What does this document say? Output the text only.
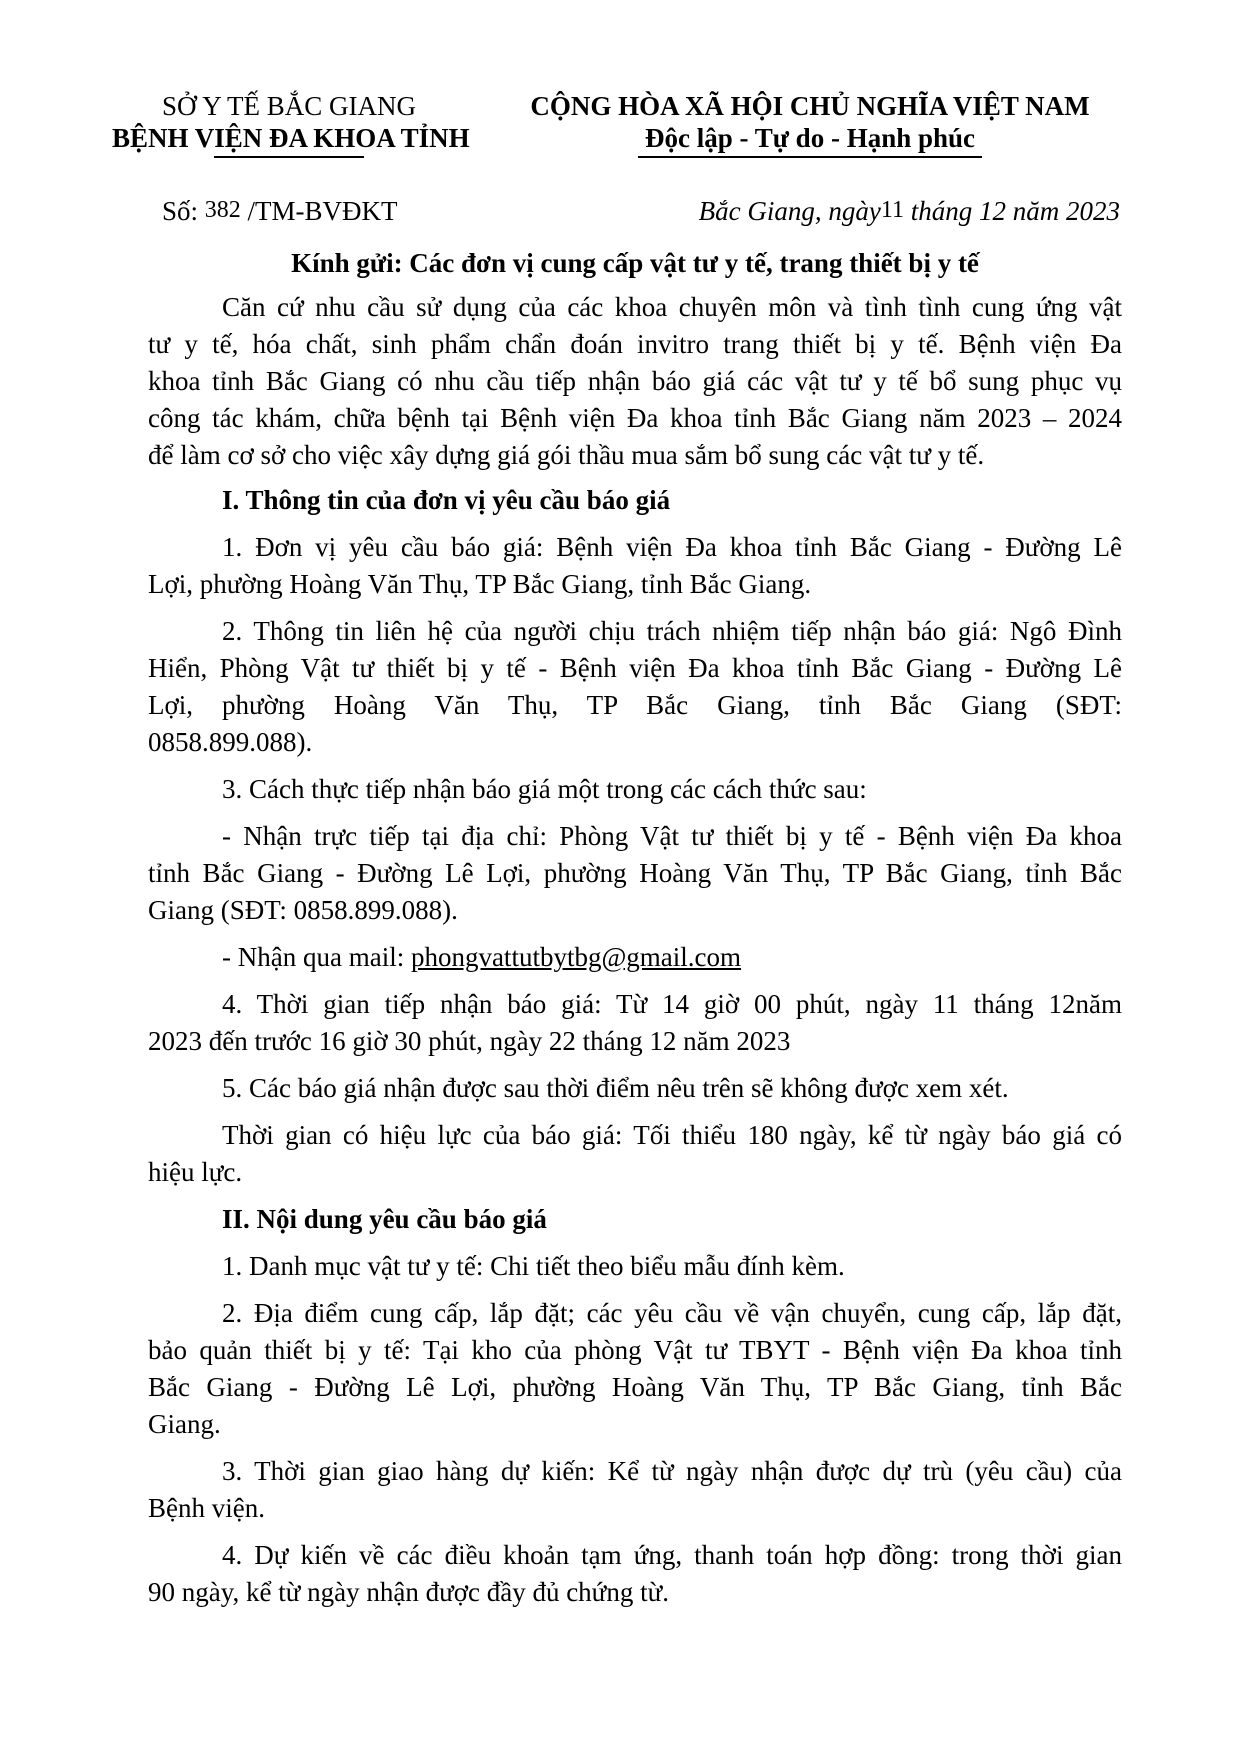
SỞ Y TẾ BẮC GIANG
BỆNH VIỆN ĐA KHOA TỈNH
CỘNG HÒA XÃ HỘI CHỦ NGHĨA VIỆT NAM
Độc lập - Tự do - Hạnh phúc
Số: 382 /TM-BVĐKT	Bắc Giang, ngày11 tháng 12 năm 2023
Kính gửi: Các đơn vị cung cấp vật tư y tế, trang thiết bị y tế
Căn cứ nhu cầu sử dụng của các khoa chuyên môn và tình tình cung ứng vật
tư y tế, hóa chất, sinh phẩm chẩn đoán invitro trang thiết bị y tế. Bệnh viện Đa
khoa tỉnh Bắc Giang có nhu cầu tiếp nhận báo giá các vật tư y tế bổ sung phục vụ
công tác khám, chữa bệnh tại Bệnh viện Đa khoa tỉnh Bắc Giang năm 2023 – 2024
để làm cơ sở cho việc xây dựng giá gói thầu mua sắm bổ sung các vật tư y tế.
I. Thông tin của đơn vị yêu cầu báo giá
1. Đơn vị yêu cầu báo giá: Bệnh viện Đa khoa tỉnh Bắc Giang - Đường Lê
Lợi, phường Hoàng Văn Thụ, TP Bắc Giang, tỉnh Bắc Giang.
2. Thông tin liên hệ của người chịu trách nhiệm tiếp nhận báo giá: Ngô Đình
Hiển, Phòng Vật tư thiết bị y tế - Bệnh viện Đa khoa tỉnh Bắc Giang - Đường Lê
Lợi, phường Hoàng Văn Thụ, TP Bắc Giang, tỉnh Bắc Giang (SĐT:
0858.899.088).
3. Cách thực tiếp nhận báo giá một trong các cách thức sau:
- Nhận trực tiếp tại địa chỉ: Phòng Vật tư thiết bị y tế - Bệnh viện Đa khoa
tỉnh Bắc Giang - Đường Lê Lợi, phường Hoàng Văn Thụ, TP Bắc Giang, tỉnh Bắc
Giang (SĐT: 0858.899.088).
- Nhận qua mail: phongvattutbytbg@gmail.com
4. Thời gian tiếp nhận báo giá: Từ 14 giờ 00 phút, ngày 11 tháng 12năm
2023 đến trước 16 giờ 30 phút, ngày 22 tháng 12 năm 2023
5. Các báo giá nhận được sau thời điểm nêu trên sẽ không được xem xét.
Thời gian có hiệu lực của báo giá: Tối thiểu 180 ngày, kể từ ngày báo giá có
hiệu lực.
II. Nội dung yêu cầu báo giá
1. Danh mục vật tư y tế: Chi tiết theo biểu mẫu đính kèm.
2. Địa điểm cung cấp, lắp đặt; các yêu cầu về vận chuyển, cung cấp, lắp đặt,
bảo quản thiết bị y tế: Tại kho của phòng Vật tư TBYT - Bệnh viện Đa khoa tỉnh
Bắc Giang - Đường Lê Lợi, phường Hoàng Văn Thụ, TP Bắc Giang, tỉnh Bắc
Giang.
3. Thời gian giao hàng dự kiến: Kể từ ngày nhận được dự trù (yêu cầu) của
Bệnh viện.
4. Dự kiến về các điều khoản tạm ứng, thanh toán hợp đồng: trong thời gian
90 ngày, kể từ ngày nhận được đầy đủ chứng từ.
